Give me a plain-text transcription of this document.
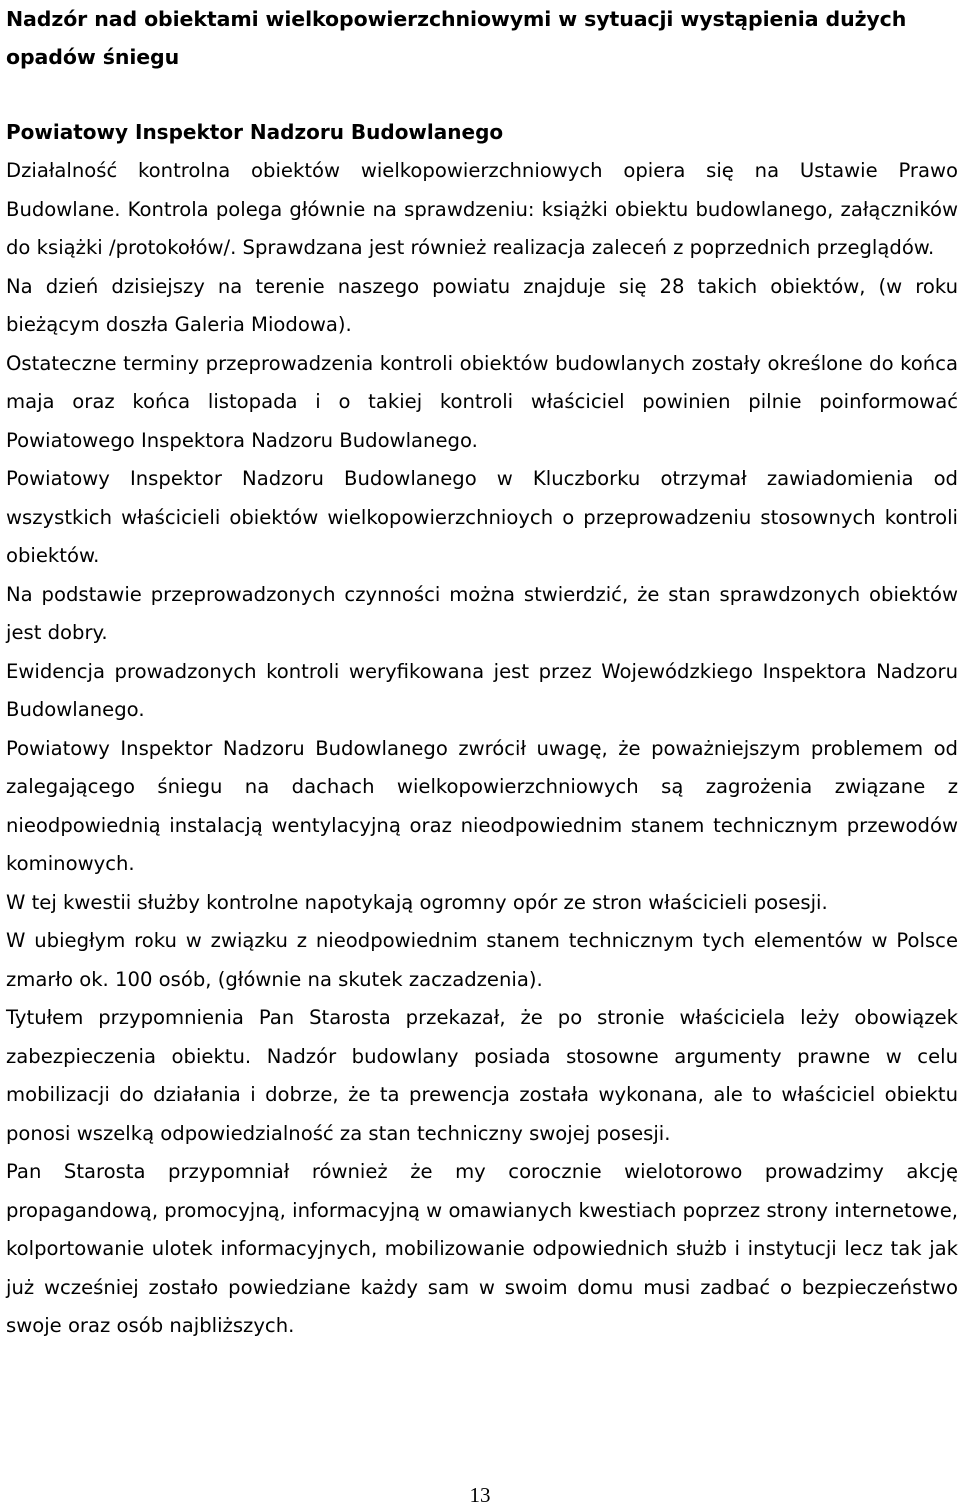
Nadzór nad obiektami wielkopowierzchniowymi w sytuacji wystąpienia dużych opadów śniegu
Powiatowy Inspektor Nadzoru Budowlanego

Działalność kontrolna obiektów wielkopowierzchniowych opiera się na Ustawie Prawo Budowlane. Kontrola polega głównie na sprawdzeniu: książki obiektu budowlanego, załączników do książki /protokołów/. Sprawdzana jest również realizacja zaleceń z poprzednich przeglądów.

Na dzień dzisiejszy na terenie naszego powiatu znajduje się 28 takich obiektów, (w roku bieżącym doszła Galeria Miodowa).

Ostateczne terminy przeprowadzenia kontroli obiektów budowlanych zostały określone do końca maja oraz końca listopada i o takiej kontroli właściciel powinien pilnie poinformować Powiatowego Inspektora Nadzoru Budowlanego.

Powiatowy Inspektor Nadzoru Budowlanego w Kluczborku otrzymał zawiadomienia od wszystkich właścicieli obiektów wielkopowierzchnioych o przeprowadzeniu stosownych kontroli obiektów.

Na podstawie przeprowadzonych czynności można stwierdzić, że stan sprawdzonych obiektów jest dobry.

Ewidencja prowadzonych kontroli weryfikowana jest przez Wojewódzkiego Inspektora Nadzoru Budowlanego.

Powiatowy Inspektor Nadzoru Budowlanego zwrócił uwagę, że poważniejszym problemem od zalegającego śniegu na dachach wielkopowierzchniowych są zagrożenia związane z nieodpowiednią instalacją wentylacyjną oraz nieodpowiednim stanem technicznym przewodów kominowych.

W tej kwestii służby kontrolne napotykają ogromny opór ze stron właścicieli posesji.

W ubiegłym roku w związku z nieodpowiednim stanem technicznym tych elementów w Polsce zmarło ok. 100 osób, (głównie na skutek zaczadzenia).

Tytułem przypomnienia Pan Starosta przekazał, że po stronie właściciela leży obowiązek zabezpieczenia obiektu. Nadzór budowlany posiada stosowne argumenty prawne w celu mobilizacji do działania i dobrze, że ta prewencja została wykonana, ale to właściciel obiektu ponosi wszelką odpowiedzialność za stan techniczny swojej posesji.

Pan Starosta przypomniał również że my corocznie wielotorowo prowadzimy akcję propagandową, promocyjną, informacyjną w omawianych kwestiach poprzez strony internetowe, kolportowanie ulotek informacyjnych, mobilizowanie odpowiednich służb i instytucji lecz tak jak już wcześniej zostało powiedziane każdy sam w swoim domu musi zadbać o bezpieczeństwo swoje oraz osób najbliższych.

13
